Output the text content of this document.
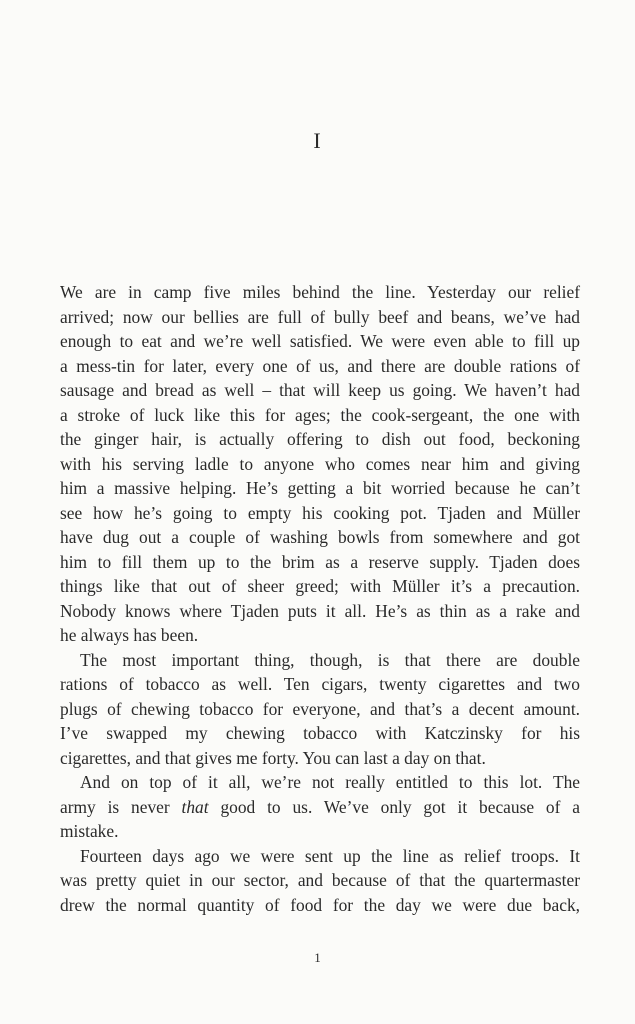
I

We are in camp five miles behind the line. Yesterday our relief
arrived; now our bellies are full of bully beef and beans, we’ve had
enough to eat and we’re well satisfied. We were even able to fill up
a mess-tin for later, every one of us, and there are double rations of
sausage and bread as well – that will keep us going. We haven’t had
a stroke of luck like this for ages; the cook-sergeant, the one with
the ginger hair, is actually offering to dish out food, beckoning
with his serving ladle to anyone who comes near him and giving
him a massive helping. He’s getting a bit worried because he can’t
see how he’s going to empty his cooking pot. Tjaden and Müller
have dug out a couple of washing bowls from somewhere and got
him to fill them up to the brim as a reserve supply. Tjaden does
things like that out of sheer greed; with Müller it’s a precaution.
Nobody knows where Tjaden puts it all. He’s as thin as a rake and
he always has been.

The most important thing, though, is that there are double
rations of tobacco as well. Ten cigars, twenty cigarettes and two
plugs of chewing tobacco for everyone, and that’s a decent amount.
I’ve swapped my chewing tobacco with Katczinsky for his
cigarettes, and that gives me forty. You can last a day on that.

And on top of it all, we’re not really entitled to this lot. The
army is never that good to us. We’ve only got it because of a
mistake.

Fourteen days ago we were sent up the line as relief troops. It
was pretty quiet in our sector, and because of that the quartermaster
drew the normal quantity of food for the day we were due back,

1
